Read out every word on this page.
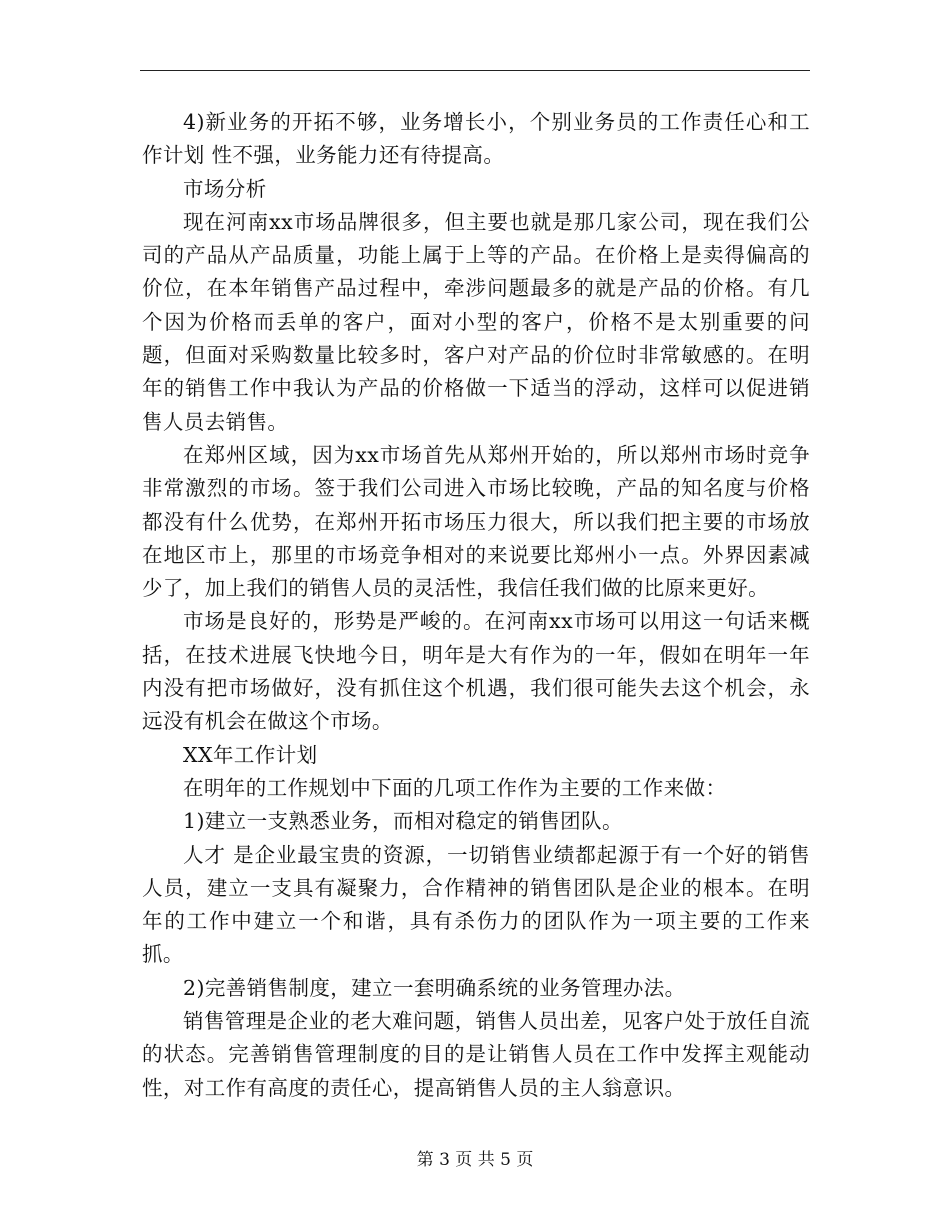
4)新业务的开拓不够，业务增长小，个别业务员的工作责任心和工作计划 性不强，业务能力还有待提高。

市场分析

现在河南xx市场品牌很多，但主要也就是那几家公司，现在我们公司的产品从产品质量，功能上属于上等的产品。在价格上是卖得偏高的价位，在本年销售产品过程中，牵涉问题最多的就是产品的价格。有几个因为价格而丢单的客户，面对小型的客户，价格不是太别重要的问题，但面对采购数量比较多时，客户对产品的价位时非常敏感的。在明年的销售工作中我认为产品的价格做一下适当的浮动，这样可以促进销售人员去销售。

在郑州区域，因为xx市场首先从郑州开始的，所以郑州市场时竞争非常激烈的市场。签于我们公司进入市场比较晚，产品的知名度与价格都没有什么优势，在郑州开拓市场压力很大，所以我们把主要的市场放在地区市上，那里的市场竞争相对的来说要比郑州小一点。外界因素减少了，加上我们的销售人员的灵活性，我信任我们做的比原来更好。

市场是良好的，形势是严峻的。在河南xx市场可以用这一句话来概括，在技术进展飞快地今日，明年是大有作为的一年，假如在明年一年内没有把市场做好，没有抓住这个机遇，我们很可能失去这个机会，永远没有机会在做这个市场。

XX年工作计划

在明年的工作规划中下面的几项工作作为主要的工作来做：

1)建立一支熟悉业务，而相对稳定的销售团队。

人才 是企业最宝贵的资源，一切销售业绩都起源于有一个好的销售人员，建立一支具有凝聚力，合作精神的销售团队是企业的根本。在明年的工作中建立一个和谐，具有杀伤力的团队作为一项主要的工作来抓。

2)完善销售制度，建立一套明确系统的业务管理办法。

销售管理是企业的老大难问题，销售人员出差，见客户处于放任自流的状态。完善销售管理制度的目的是让销售人员在工作中发挥主观能动性，对工作有高度的责任心，提高销售人员的主人翁意识。

第 3 页 共 5 页
